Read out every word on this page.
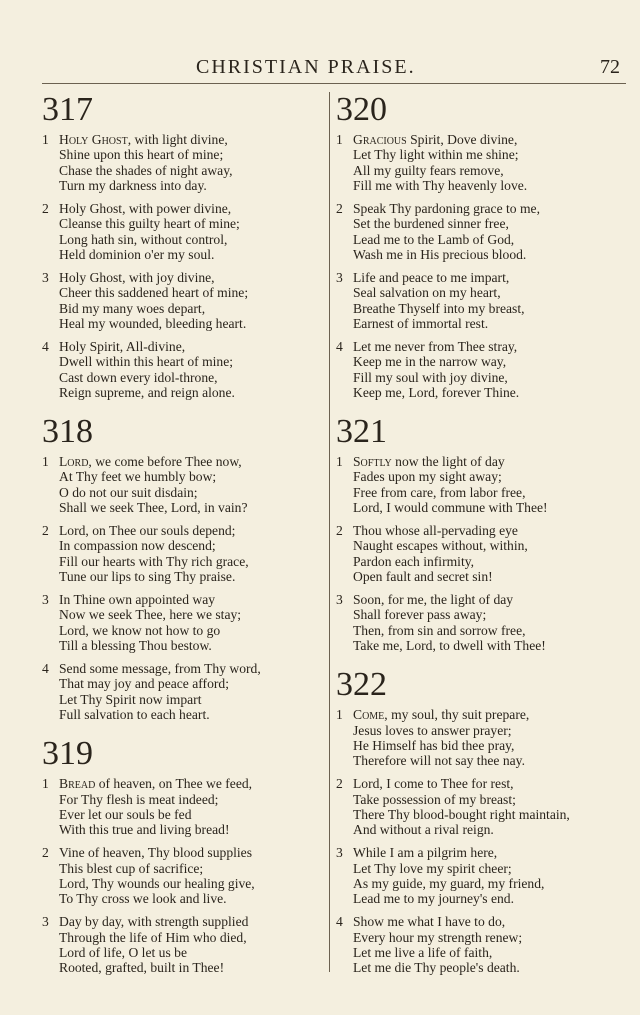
CHRISTIAN PRAISE.	72
317
1 Holy Ghost, with light divine,
Shine upon this heart of mine;
Chase the shades of night away,
Turn my darkness into day.
2 Holy Ghost, with power divine,
Cleanse this guilty heart of mine;
Long hath sin, without control,
Held dominion o'er my soul.
3 Holy Ghost, with joy divine,
Cheer this saddened heart of mine;
Bid my many woes depart,
Heal my wounded, bleeding heart.
4 Holy Spirit, All-divine,
Dwell within this heart of mine;
Cast down every idol-throne,
Reign supreme, and reign alone.
318
1 Lord, we come before Thee now,
At Thy feet we humbly bow;
O do not our suit disdain;
Shall we seek Thee, Lord, in vain?
2 Lord, on Thee our souls depend;
In compassion now descend;
Fill our hearts with Thy rich grace,
Tune our lips to sing Thy praise.
3 In Thine own appointed way
Now we seek Thee, here we stay;
Lord, we know not how to go
Till a blessing Thou bestow.
4 Send some message, from Thy word,
That may joy and peace afford;
Let Thy Spirit now impart
Full salvation to each heart.
319
1 Bread of heaven, on Thee we feed,
For Thy flesh is meat indeed;
Ever let our souls be fed
With this true and living bread!
2 Vine of heaven, Thy blood supplies
This blest cup of sacrifice;
Lord, Thy wounds our healing give,
To Thy cross we look and live.
3 Day by day, with strength supplied
Through the life of Him who died,
Lord of life, O let us be
Rooted, grafted, built in Thee!
320
1 Gracious Spirit, Dove divine,
Let Thy light within me shine;
All my guilty fears remove,
Fill me with Thy heavenly love.
2 Speak Thy pardoning grace to me,
Set the burdened sinner free,
Lead me to the Lamb of God,
Wash me in His precious blood.
3 Life and peace to me impart,
Seal salvation on my heart,
Breathe Thyself into my breast,
Earnest of immortal rest.
4 Let me never from Thee stray,
Keep me in the narrow way,
Fill my soul with joy divine,
Keep me, Lord, forever Thine.
321
1 Softly now the light of day
Fades upon my sight away;
Free from care, from labor free,
Lord, I would commune with Thee!
2 Thou whose all-pervading eye
Naught escapes without, within,
Pardon each infirmity,
Open fault and secret sin!
3 Soon, for me, the light of day
Shall forever pass away;
Then, from sin and sorrow free,
Take me, Lord, to dwell with Thee!
322
1 Come, my soul, thy suit prepare,
Jesus loves to answer prayer;
He Himself has bid thee pray,
Therefore will not say thee nay.
2 Lord, I come to Thee for rest,
Take possession of my breast;
There Thy blood-bought right maintain,
And without a rival reign.
3 While I am a pilgrim here,
Let Thy love my spirit cheer;
As my guide, my guard, my friend,
Lead me to my journey's end.
4 Show me what I have to do,
Every hour my strength renew;
Let me live a life of faith,
Let me die Thy people's death.
